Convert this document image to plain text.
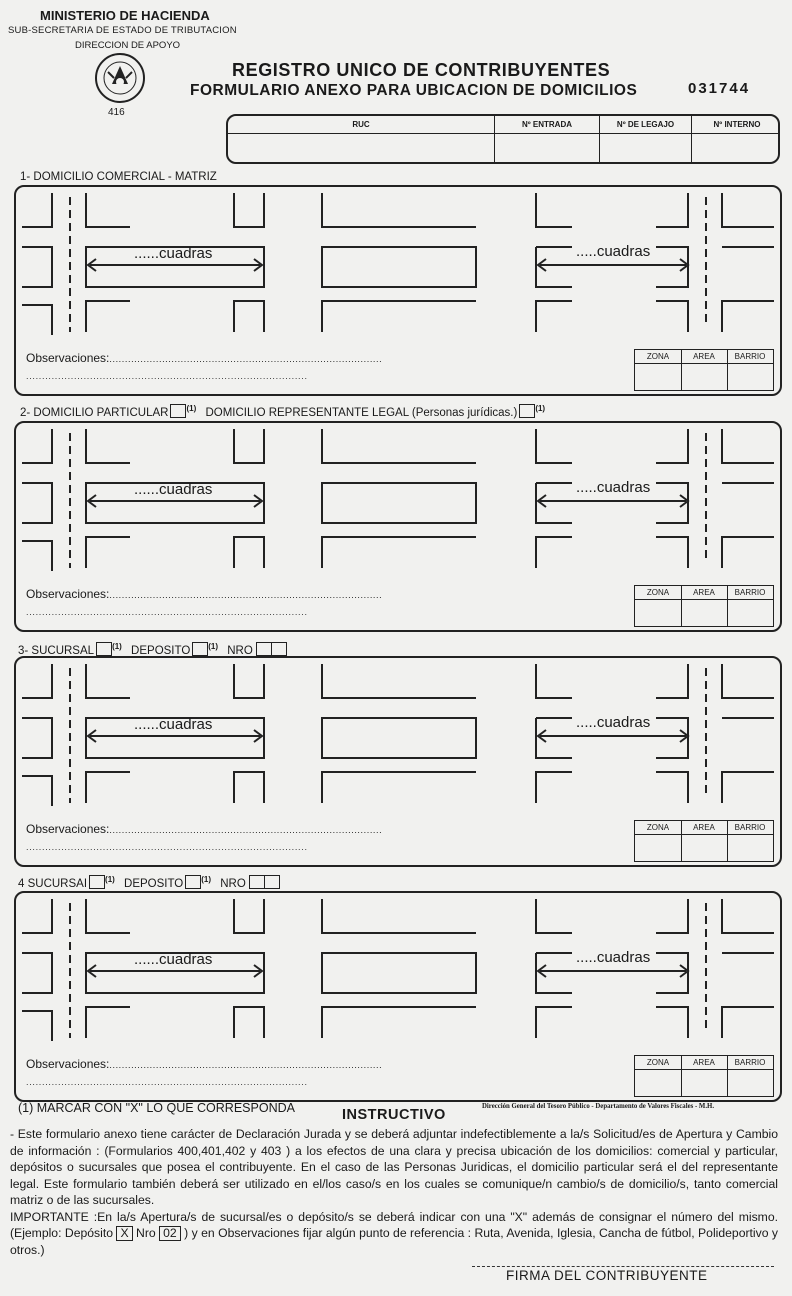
MINISTERIO DE HACIENDA
SUB-SECRETARIA DE ESTADO DE TRIBUTACION
DIRECCION DE APOYO
416
REGISTRO UNICO DE CONTRIBUYENTES
FORMULARIO ANEXO PARA UBICACION DE DOMICILIOS	031744
RUC	Nº ENTRADA	Nº DE LEGAJO	Nº INTERNO
1- DOMICILIO COMERCIAL - MATRIZ
2- DOMICILIO PARTICULAR $^{(1)}$ DOMICILIO REPRESENTANTE LEGAL (Personas jurídicas.) $^{(1)}$
3- SUCURSAL $^{(1)}$ DEPOSITO $^{(1)}$ NRO
4 SUCURSAI $^{(1)}$ DEPOSITO $^{(1)}$ NRO
......cuadras	.....cuadras
Observaciones:........................................................................................
........................................................................................
ZONA	AREA	BARRIO
......cuadras	.....cuadras
Observaciones:........................................................................................
........................................................................................
ZONA	AREA	BARRIO
......cuadras	.....cuadras
Observaciones:........................................................................................
........................................................................................
ZONA	AREA	BARRIO
......cuadras	.....cuadras
Observaciones:........................................................................................
........................................................................................
ZONA	AREA	BARRIO
(1) MARCAR CON "X" LO QUE CORRESPONDA	INSTRUCTIVO
Dirección General del Tesoro Público - Departamento de Valores Fiscales - M.H.
- Este formulario anexo tiene carácter de Declaración Jurada y se deberá adjuntar indefectiblemente a la/s Solicitud/es de Apertura y Cambio de información : (Formularios 400,401,402 y 403 ) a los efectos de una clara y precisa ubicación de los domicilios: comercial y particular, depósitos o sucursales que posea el contribuyente. En el caso de las Personas Juridicas, el domicilio particular será el del representante legal. Este formulario también deberá ser utilizado en el/los caso/s en los cuales se comunique/n cambio/s de domicilio/s, tanto comercial matriz o de las sucursales.
IMPORTANTE :En la/s Apertura/s de sucursal/es o depósito/s se deberá indicar con una "X" además de consignar el número del mismo. (Ejemplo: Depósito X Nro 02 ) y en Observaciones fijar algún punto de referencia : Ruta, Avenida, Iglesia, Cancha de fútbol, Polideportivo y otros.)
FIRMA DEL CONTRIBUYENTE
